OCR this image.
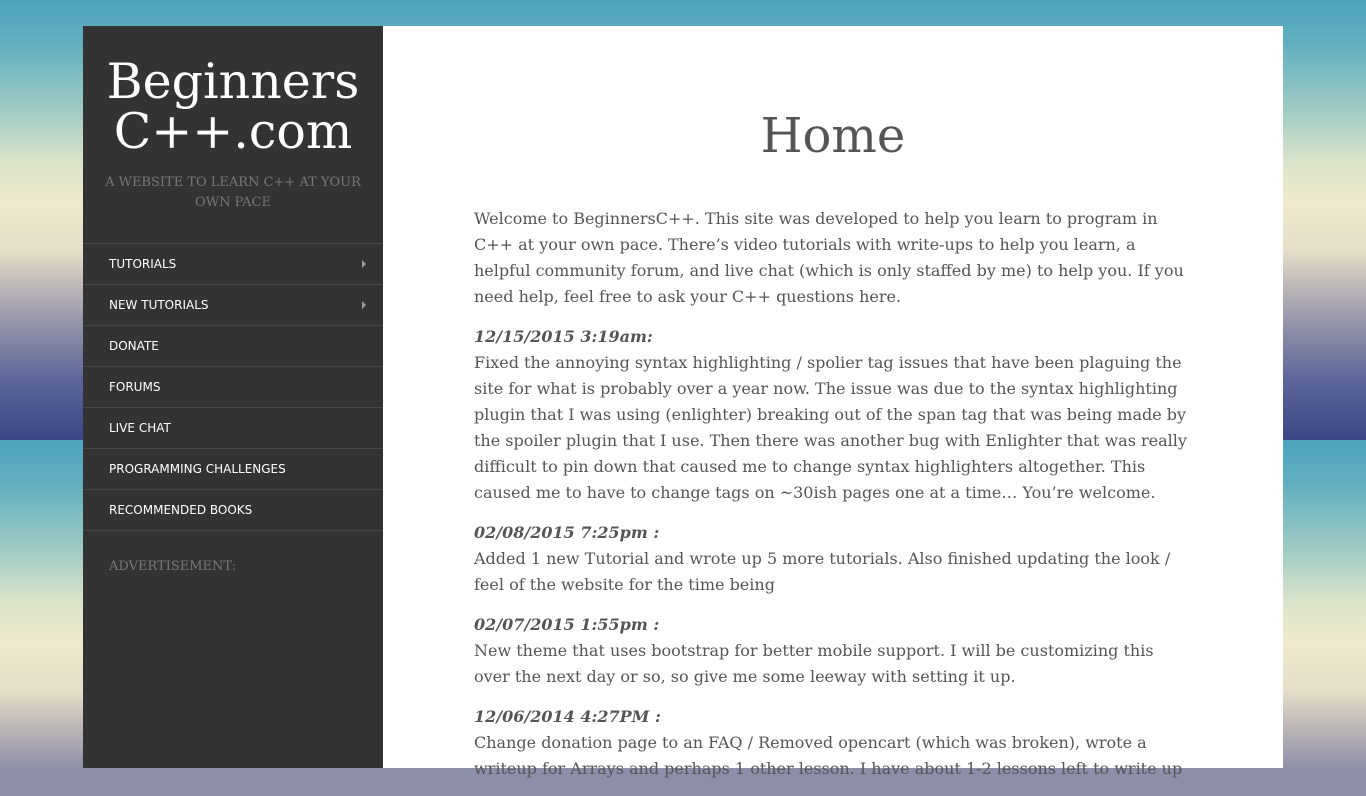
Beginners
C++.com
A WEBSITE TO LEARN C++ AT YOUR OWN PACE
TUTORIALS
NEW TUTORIALS
DONATE
FORUMS
LIVE CHAT
PROGRAMMING CHALLENGES
RECOMMENDED BOOKS
ADVERTISEMENT:
Home

Welcome to BeginnersC++. This site was developed to help you learn to program in C++ at your own pace. There’s video tutorials with write-ups to help you learn, a helpful community forum, and live chat (which is only staffed by me) to help you. If you need help, feel free to ask your C++ questions here.

12/15/2015 3:19am:
Fixed the annoying syntax highlighting / spolier tag issues that have been plaguing the site for what is probably over a year now. The issue was due to the syntax highlighting plugin that I was using (enlighter) breaking out of the span tag that was being made by the spoiler plugin that I use. Then there was another bug with Enlighter that was really difficult to pin down that caused me to change syntax highlighters altogether. This caused me to have to change tags on ~30ish pages one at a time… You’re welcome.

02/08/2015 7:25pm :
Added 1 new Tutorial and wrote up 5 more tutorials. Also finished updating the look / feel of the website for the time being

02/07/2015 1:55pm :
New theme that uses bootstrap for better mobile support. I will be customizing this over the next day or so, so give me some leeway with setting it up.

12/06/2014 4:27PM :
Change donation page to an FAQ / Removed opencart (which was broken), wrote a writeup for Arrays and perhaps 1 other lesson. I have about 1-2 lessons left to write up
